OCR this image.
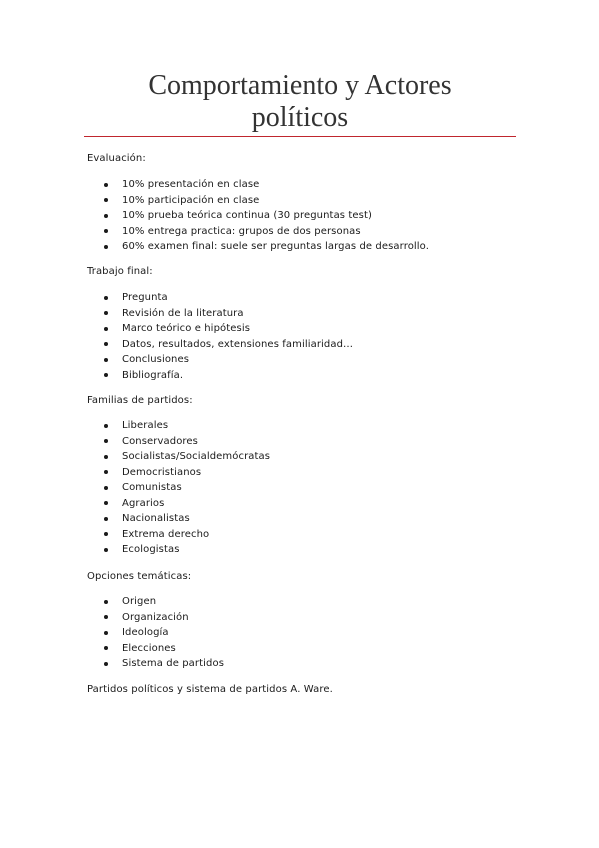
Comportamiento y Actores
políticos

Evaluación:

10% presentación en clase
10% participación en clase
10% prueba teórica continua (30 preguntas test)
10% entrega practica: grupos de dos personas
60% examen final: suele ser preguntas largas de desarrollo.

Trabajo final:

Pregunta
Revisión de la literatura
Marco teórico e hipótesis
Datos, resultados, extensiones familiaridad…
Conclusiones
Bibliografía.

Familias de partidos:

Liberales
Conservadores
Socialistas/Socialdemócratas
Democristianos
Comunistas
Agrarios
Nacionalistas
Extrema derecho
Ecologistas

Opciones temáticas:

Origen
Organización
Ideología
Elecciones
Sistema de partidos

Partidos políticos y sistema de partidos A. Ware.
